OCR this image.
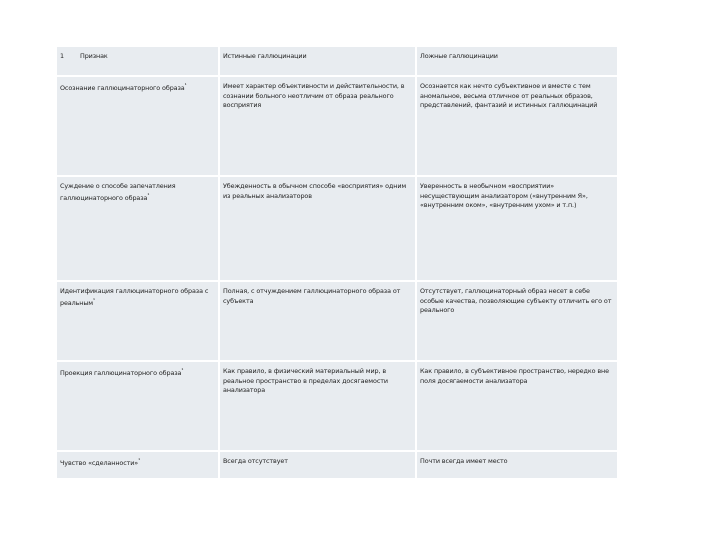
1 Признак	Истинные галлюцинации	Ложные галлюцинации
Осознание галлюцинаторного образа$^{^1}$	Имеет характер объективности и действительности, в сознании больного неотличим от образа реального восприятия	Осознается как нечто субъективное и вместе с тем аномальное, весьма отличное от реальных образов, представлений, фантазий и истинных галлюцинаций
Суждение о способе запечатления галлюцинаторного образа$^{^1}$	Убежденность в обычном способе «восприятия» одним из реальных анализаторов	Уверенность в необычном «восприятии» несуществующим анализатором («внутренним Я», «внутренним оком», «внутренним ухом» и т.п.)
Идентификация галлюцинаторного образа с реальным$^{^1}$	Полная, с отчуждением галлюцинаторного образа от субъекта	Отсутствует, галлюцинаторный образ несет в себе особые качества, позволяющие субъекту отличить его от реального
Проекция галлюцинаторного образа$^{^1}$	Как правило, в физический материальный мир, в реальное пространство в пределах досягаемости анализатора	Как правило, в субъективное пространство, нередко вне поля досягаемости анализатора
Чувство «сделанности»$^{^1}$	Всегда отсутствует	Почти всегда имеет место
